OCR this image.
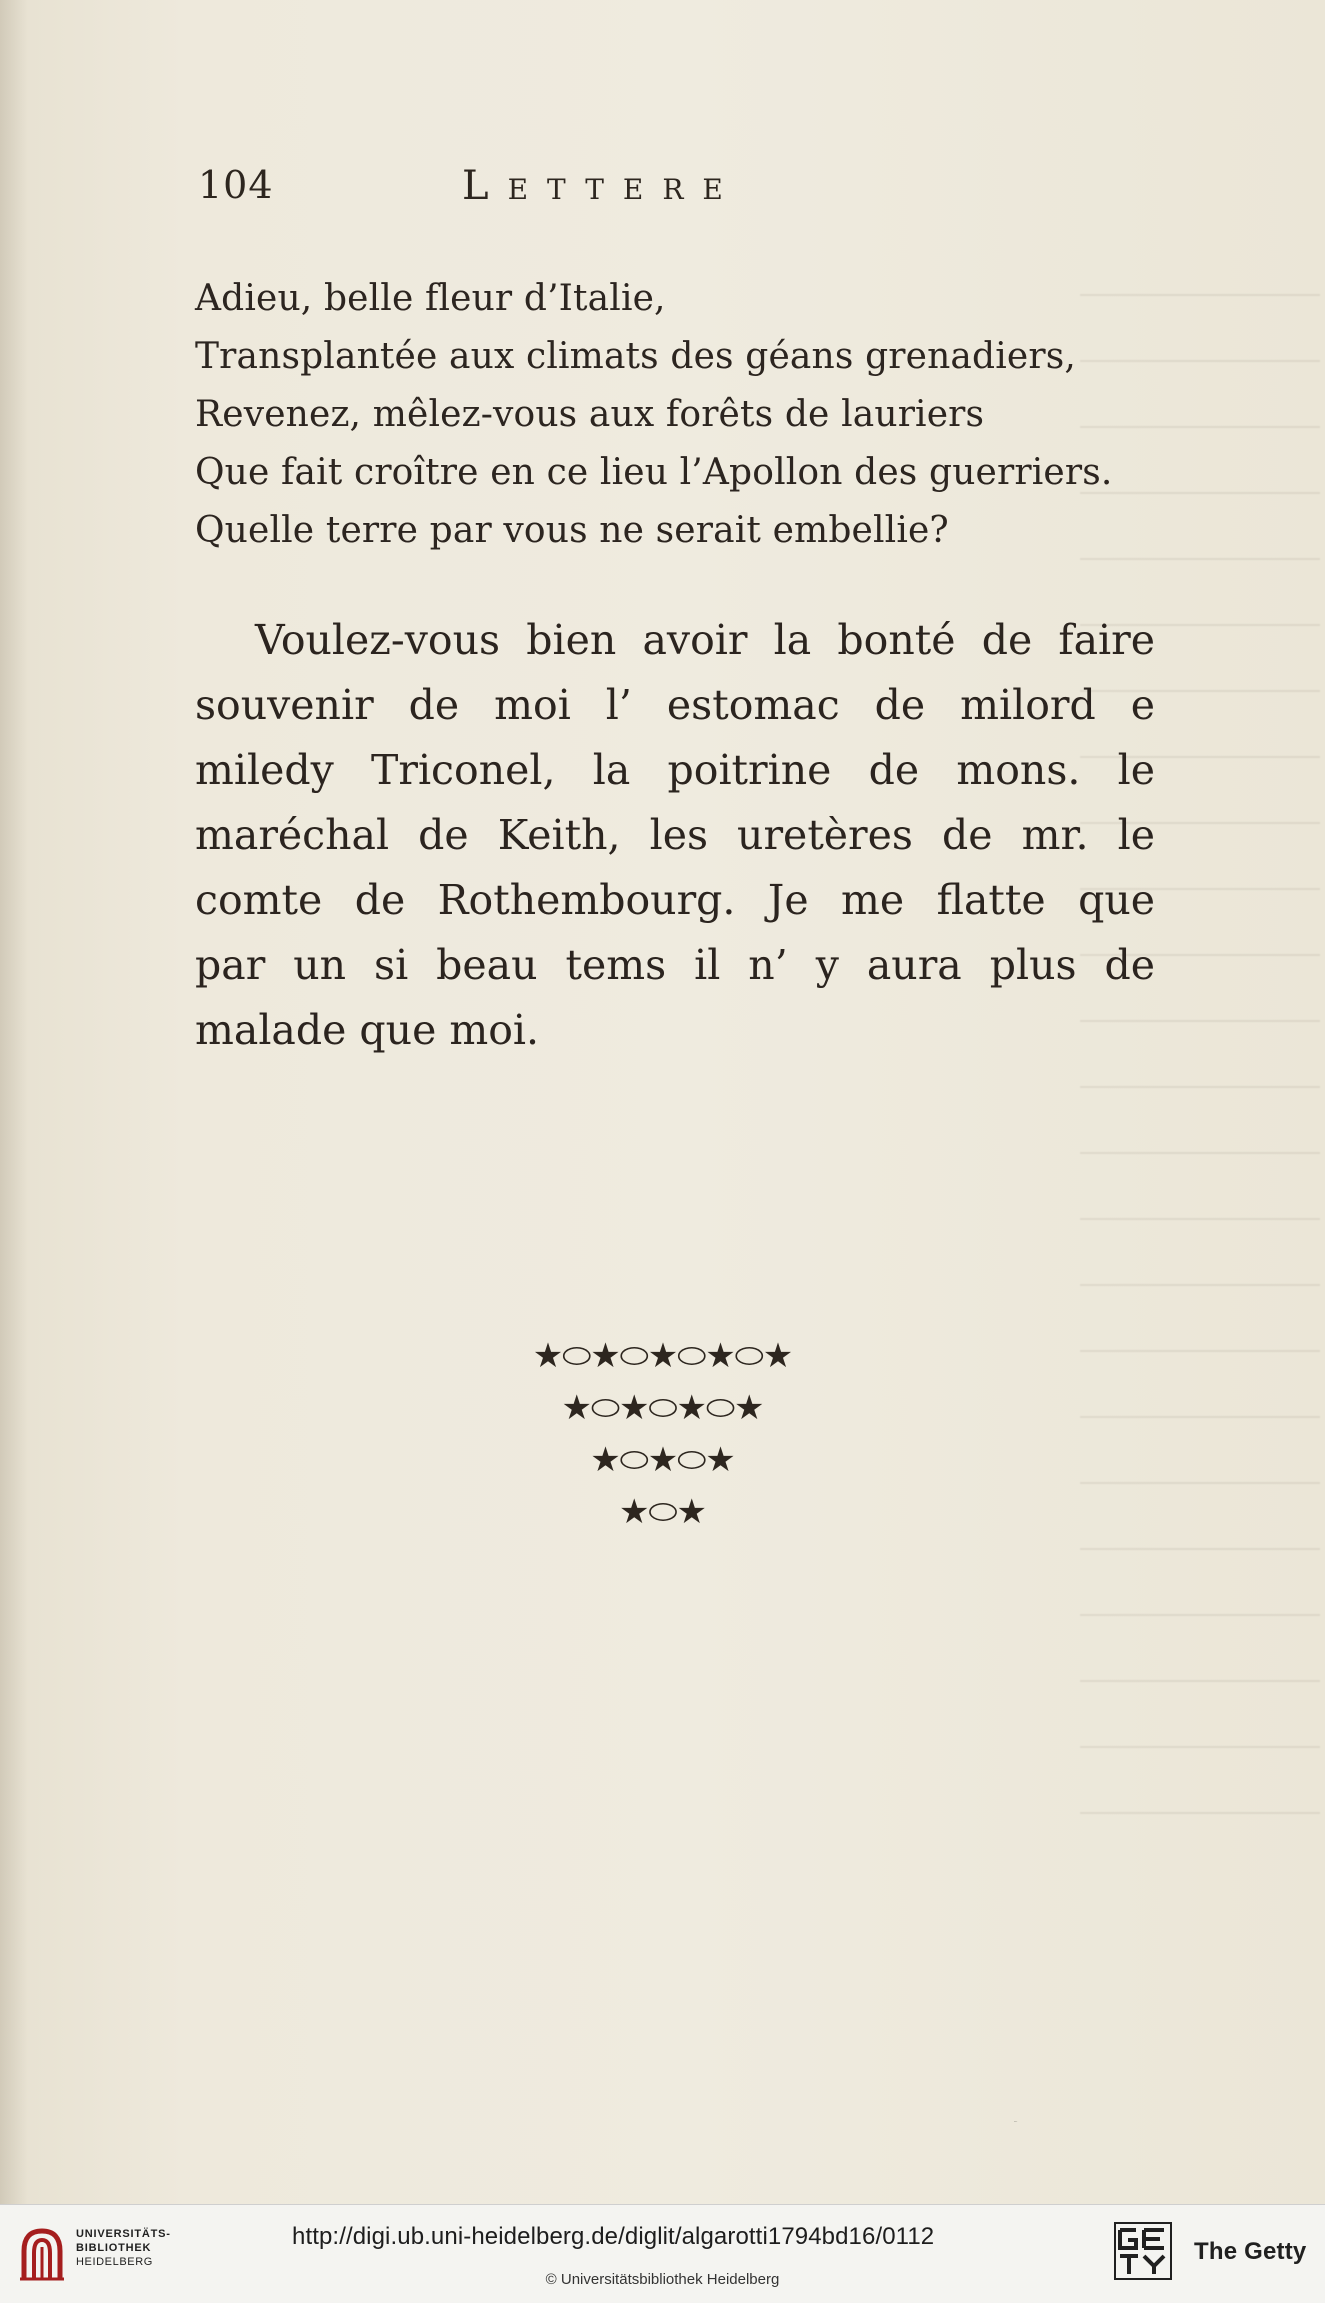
104	Lettere
Adieu, belle fleur d’Italie,
Transplantée aux climats des géans grenadiers,
Revenez, mêlez-vous aux forêts de lauriers
Que fait croître en ce lieu l’Apollon des guerriers.
Quelle terre par vous ne serait embellie?
Voulez-vous bien avoir la bonté de faire
souvenir de moi l’ estomac de milord e
miledy Triconel, la poitrine de mons. le
maréchal de Keith, les uretères de mr. le
comte de Rothembourg. Je me flatte que
par un si beau tems il n’ y aura plus de
malade que moi.
★⬭★⬭★⬭★⬭★
★⬭★⬭★⬭★
★⬭★⬭★
★⬭★
UNIVERSITÄTS-
BIBLIOTHEK
HEIDELBERG
http://digi.ub.uni-heidelberg.de/diglit/algarotti1794bd16/0112
© Universitätsbibliothek Heidelberg
GETTY
The Getty
